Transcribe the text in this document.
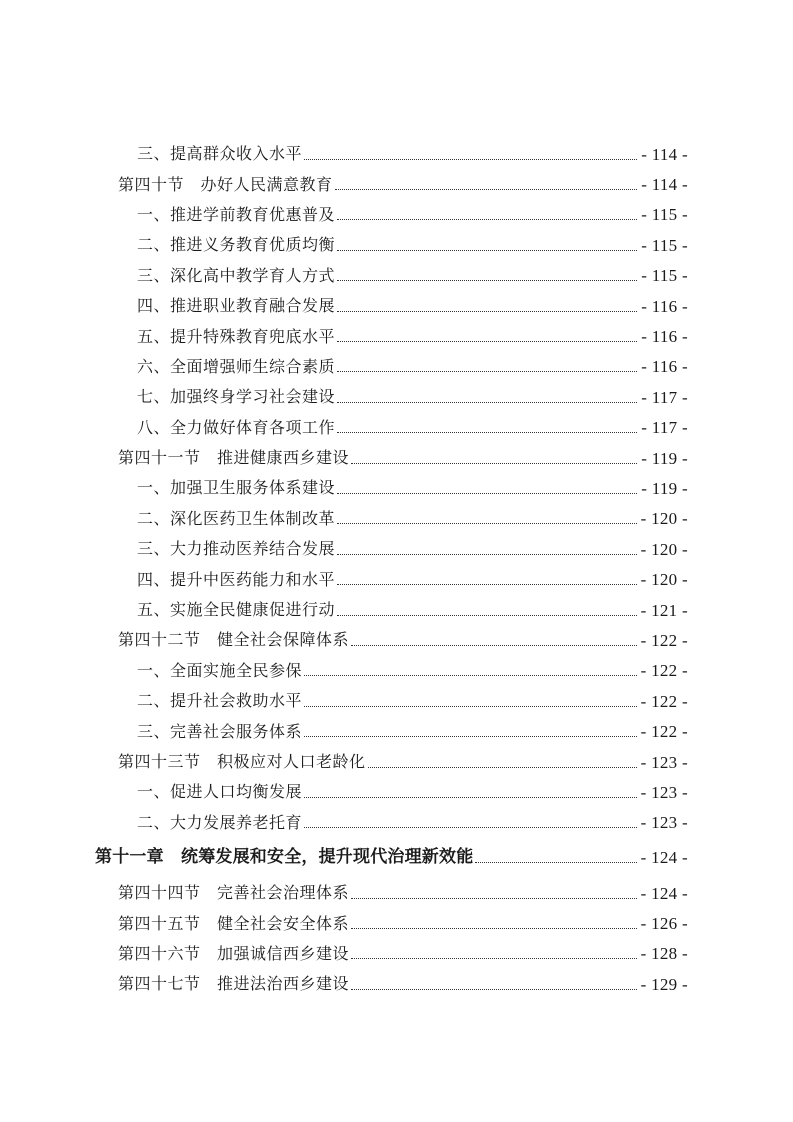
三、提高群众收入水平	- 114 -
第四十节　办好人民满意教育	- 114 -
一、推进学前教育优惠普及	- 115 -
二、推进义务教育优质均衡	- 115 -
三、深化高中教学育人方式	- 115 -
四、推进职业教育融合发展	- 116 -
五、提升特殊教育兜底水平	- 116 -
六、全面增强师生综合素质	- 116 -
七、加强终身学习社会建设	- 117 -
八、全力做好体育各项工作	- 117 -
第四十一节　推进健康西乡建设	- 119 -
一、加强卫生服务体系建设	- 119 -
二、深化医药卫生体制改革	- 120 -
三、大力推动医养结合发展	- 120 -
四、提升中医药能力和水平	- 120 -
五、实施全民健康促进行动	- 121 -
第四十二节　健全社会保障体系	- 122 -
一、全面实施全民参保	- 122 -
二、提升社会救助水平	- 122 -
三、完善社会服务体系	- 122 -
第四十三节　积极应对人口老龄化	- 123 -
一、促进人口均衡发展	- 123 -
二、大力发展养老托育	- 123 -
第十一章　统筹发展和安全，提升现代治理新效能	- 124 -
第四十四节　完善社会治理体系	- 124 -
第四十五节　健全社会安全体系	- 126 -
第四十六节　加强诚信西乡建设	- 128 -
第四十七节　推进法治西乡建设	- 129 -
